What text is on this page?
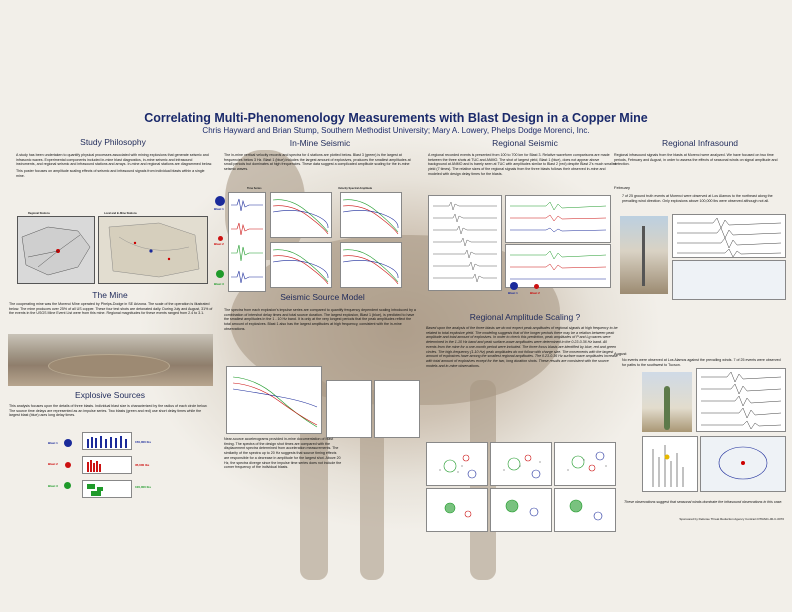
Correlating Multi-Phenomenology Measurements with Blast Design in a Copper Mine
Chris Hayward and Brian Stump, Southern Methodist University; Mary A. Lowery, Phelps Dodge Morenci, Inc.
Study Philosophy

A study has been undertaken to quantify physical processes associated with mining explosions that generate seismic and infrasonic waves. Experimental components included in-mine blast diagnostics, in-mine seismic and infrasound instruments, and regional seismic and infrasound stations and arrays. In-mine and regional stations are diagrammed below.

This poster focuses on amplitude scaling effects of seismic and infrasound signals from individual blasts within a single mine.

Regional Stations	Local and In-Mine Stations
The Mine
The cooperating mine was the Morenci Mine operated by Phelps-Dodge in SE Arizona. The scale of the operation is illustrated below. The mine produces over 25% of all US copper. These four test shots are detonated daily. During July and August, 31% of the events in the USGS Mine Event List were from this mine. Regional magnitudes for these events ranged from 2.4 to 3.1.
Explosive Sources
This analysis focuses upon the details of three blasts. Individual blast size is characterized by the radius of each circle below. The source time delays are represented as an impulse series. Two blasts (green and red) use short delay times while the largest blast (blue) uses long delay times.
Blast 1
Blast 2
Blast 3
150,000 lbs
35,000 lbs
100,000 lbs
In-Mine Seismic
The in-mine vertical velocity records and spectra for 4 stations are plotted below. Blast 3 (green) is the largest at frequencies below 3 Hz. Blast 1 (blue) includes the largest amount of explosives, produces the smallest amplitudes at small periods but dominates at high frequencies. These data suggest a complicated amplitude scaling for the in-mine seismic waves.
Time Series	Velocity Spectral Amplitude
Blast 1
Blast 2
Blast 3
Seismic Source Model
The spectra from each explosion's impulse series are compared to quantify frequency dependent scaling introduced by a combination of intershot delay times and total source duration. The largest explosion, Blast 1 (blue), is predicted to have the smallest amplitudes in the 1 - 10 Hz band. It is only at the very longest periods that the peak amplitudes reflect the total amount of explosives. Blast 1 also has the largest amplitudes at high frequency, consistent with the in-mine observations.
Near-source accelerograms provided in-mine documentation of blast timing. The spectra of the design shot times are compared with the displacement spectra determined from acceleration measurements. The similarity of the spectra up to 20 Hz suggests that source timing effects are responsible for a decrease in amplitude for the largest shot. Above 20 Hz, the spectra diverge since the impulse time series does not include the corner frequency of the individual blasts.
Regional Seismic
A regional recorded events is presented from 100 to 700 km for Blast 3. Relative waveform comparisons are made between the three shots at TUC and ANMO. The shot of largest yield, Blast 1 (blue), does not appear above background at ANMO and is barely seen at TUC with amplitudes similar to Blast 2 (red) despite Blast 2's much smaller yield (7 times). The relative sizes of the regional signals from the three blasts follows their observed in-mine and modeled with design delay times for the blasts.
Blast 1	Blast 2
Regional Amplitude Scaling ?
Based upon the analysis of the three blasts we do not expect peak amplitudes of regional signals at high frequency to be related to total explosive yield. The modeling suggests that of the longer periods there may be a relation between peak amplitude and total amount of explosives. In order to check this prediction, peak amplitudes of P and Lg waves were determined in the 1-10 Hz band and peak surface-wave amplitudes were determined in the 0.23-0.36 Hz band. All events from the mine for a one-month period were included. The three focus blasts are identified by blue, red and green circles. The high-frequency (1-10 Hz) peak amplitudes do not follow with charge size. The movements with the largest amount of explosives have among the smallest regional amplitudes. The 0.23-0.36 Hz surface wave amplitudes increase with total amount of explosives except for the two, long duration shots. These results are consistent with the source models and in-mine observations.
Regional Infrasound
Regional infrasound signals from the blasts at Morenci were analyzed. We have focused on two time periods, February and August, in order to assess the effects of seasonal winds on signal amplitude and detection.
February
7 of 25 ground truth events at Morenci were observed at Los Alamos to the northeast along the prevailing wind direction. Only explosions above 100,000 lbs were observed although not all.
August
No events were observed at Los Alamos against the prevailing winds. 7 of 25 events were observed for paths to the southwest to Tucson.
These observations suggest that seasonal winds dominate the infrasound observations in this case.
Sponsored by Defense Threat Reduction Agency Contract DTRA01-00-C-0070
